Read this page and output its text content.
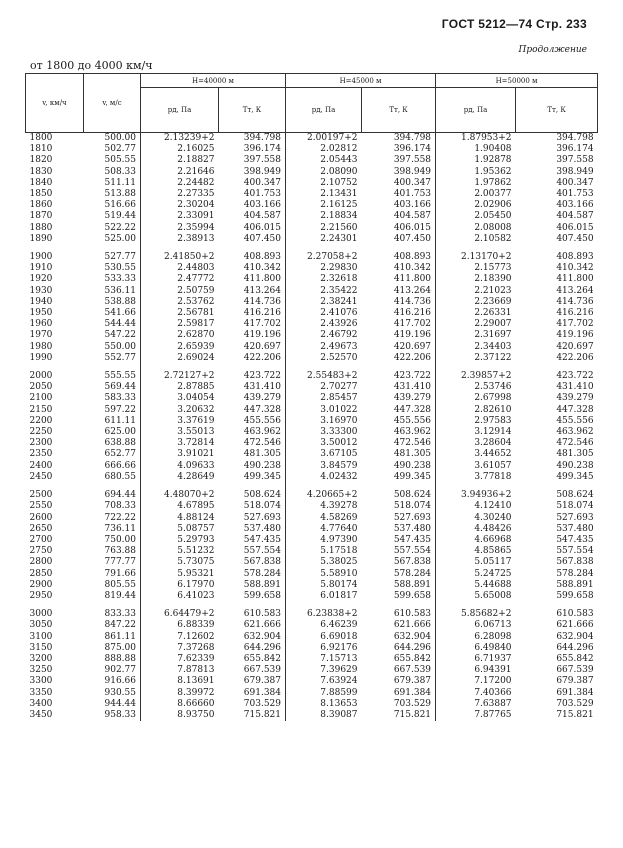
ГОСТ 5212—74 Стр. 233
Продолжение
от 1800 до 4000 км/ч
v, км/ч	v, м/с	H=40000 м		H=45000 м		H=50000 м	
		pд, Па	Tт, К	pд, Па	Tт, К	pд, Па	Tт, К
1800	500.00	2.13239+2	394.798	2.00197+2	394.798	1.87953+2	394.798
1810	502.77	2.16025	396.174	2.02812	396.174	1.90408	396.174
1820	505.55	2.18827	397.558	2.05443	397.558	1.92878	397.558
1830	508.33	2.21646	398.949	2.08090	398.949	1.95362	398.949
1840	511.11	2.24482	400.347	2.10752	400.347	1.97862	400.347
1850	513.88	2.27335	401.753	2.13431	401.753	2.00377	401.753
1860	516.66	2.30204	403.166	2.16125	403.166	2.02906	403.166
1870	519.44	2.33091	404.587	2.18834	404.587	2.05450	404.587
1880	522.22	2.35994	406.015	2.21560	406.015	2.08008	406.015
1890	525.00	2.38913	407.450	2.24301	407.450	2.10582	407.450

1900	527.77	2.41850+2	408.893	2.27058+2	408.893	2.13170+2	408.893
1910	530.55	2.44803	410.342	2.29830	410.342	2.15773	410.342
1920	533.33	2.47772	411.800	2.32618	411.800	2.18390	411.800
1930	536.11	2.50759	413.264	2.35422	413.264	2.21023	413.264
1940	538.88	2.53762	414.736	2.38241	414.736	2.23669	414.736
1950	541.66	2.56781	416.216	2.41076	416.216	2.26331	416.216
1960	544.44	2.59817	417.702	2.43926	417.702	2.29007	417.702
1970	547.22	2.62870	419.196	2.46792	419.196	2.31697	419.196
1980	550.00	2.65939	420.697	2.49673	420.697	2.34403	420.697
1990	552.77	2.69024	422.206	2.52570	422.206	2.37122	422.206

2000	555.55	2.72127+2	423.722	2.55483+2	423.722	2.39857+2	423.722
2050	569.44	2.87885	431.410	2.70277	431.410	2.53746	431.410
2100	583.33	3.04054	439.279	2.85457	439.279	2.67998	439.279
2150	597.22	3.20632	447.328	3.01022	447.328	2.82610	447.328
2200	611.11	3.37619	455.556	3.16970	455.556	2.97583	455.556
2250	625.00	3.55013	463.962	3.33300	463.962	3.12914	463.962
2300	638.88	3.72814	472.546	3.50012	472.546	3.28604	472.546
2350	652.77	3.91021	481.305	3.67105	481.305	3.44652	481.305
2400	666.66	4.09633	490.238	3.84579	490.238	3.61057	490.238
2450	680.55	4.28649	499.345	4.02432	499.345	3.77818	499.345

2500	694.44	4.48070+2	508.624	4.20665+2	508.624	3.94936+2	508.624
2550	708.33	4.67895	518.074	4.39278	518.074	4.12410	518.074
2600	722.22	4.88124	527.693	4.58269	527.693	4.30240	527.693
2650	736.11	5.08757	537.480	4.77640	537.480	4.48426	537.480
2700	750.00	5.29793	547.435	4.97390	547.435	4.66968	547.435
2750	763.88	5.51232	557.554	5.17518	557.554	4.85865	557.554
2800	777.77	5.73075	567.838	5.38025	567.838	5.05117	567.838
2850	791.66	5.95321	578.284	5.58910	578.284	5.24725	578.284
2900	805.55	6.17970	588.891	5.80174	588.891	5.44688	588.891
2950	819.44	6.41023	599.658	6.01817	599.658	5.65008	599.658

3000	833.33	6.64479+2	610.583	6.23838+2	610.583	5.85682+2	610.583
3050	847.22	6.88339	621.666	6.46239	621.666	6.06713	621.666
3100	861.11	7.12602	632.904	6.69018	632.904	6.28098	632.904
3150	875.00	7.37268	644.296	6.92176	644.296	6.49840	644.296
3200	888.88	7.62339	655.842	7.15713	655.842	6.71937	655.842
3250	902.77	7.87813	667.539	7.39629	667.539	6.94391	667.539
3300	916.66	8.13691	679.387	7.63924	679.387	7.17200	679.387
3350	930.55	8.39972	691.384	7.88599	691.384	7.40366	691.384
3400	944.44	8.66660	703.529	8.13653	703.529	7.63887	703.529
3450	958.33	8.93750	715.821	8.39087	715.821	7.87765	715.821
